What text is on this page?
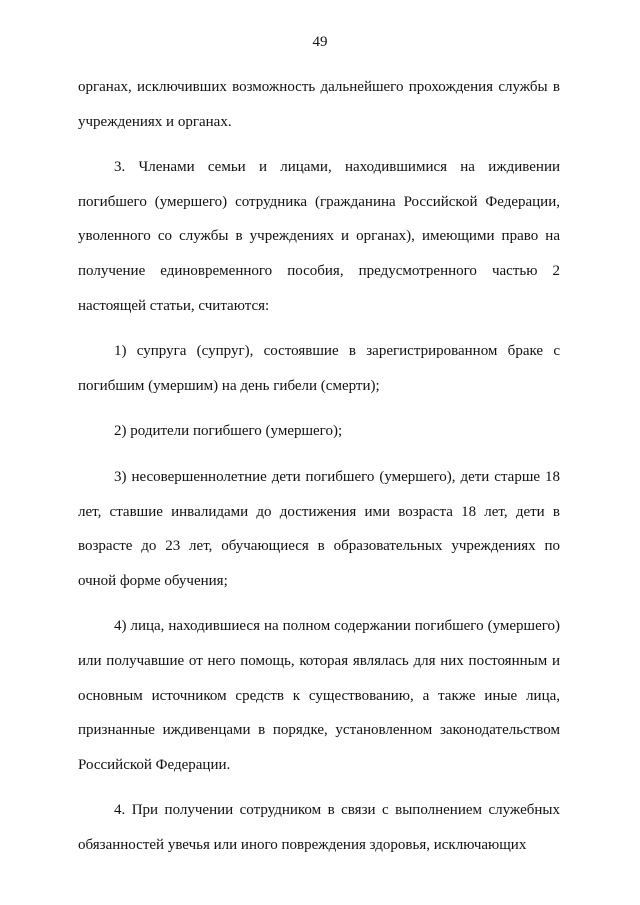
49

органах, исключивших возможность дальнейшего прохождения службы в учреждениях и органах.

3. Членами семьи и лицами, находившимися на иждивении погибшего (умершего) сотрудника (гражданина Российской Федерации, уволенного со службы в учреждениях и органах), имеющими право на получение единовременного пособия, предусмотренного частью 2 настоящей статьи, считаются:

1) супруга (супруг), состоявшие в зарегистрированном браке с погибшим (умершим) на день гибели (смерти);

2) родители погибшего (умершего);

3) несовершеннолетние дети погибшего (умершего), дети старше 18 лет, ставшие инвалидами до достижения ими возраста 18 лет, дети в возрасте до 23 лет, обучающиеся в образовательных учреждениях по очной форме обучения;

4) лица, находившиеся на полном содержании погибшего (умершего) или получавшие от него помощь, которая являлась для них постоянным и основным источником средств к существованию, а также иные лица, признанные иждивенцами в порядке, установленном законодательством Российской Федерации.

4. При получении сотрудником в связи с выполнением служебных обязанностей увечья или иного повреждения здоровья, исключающих
